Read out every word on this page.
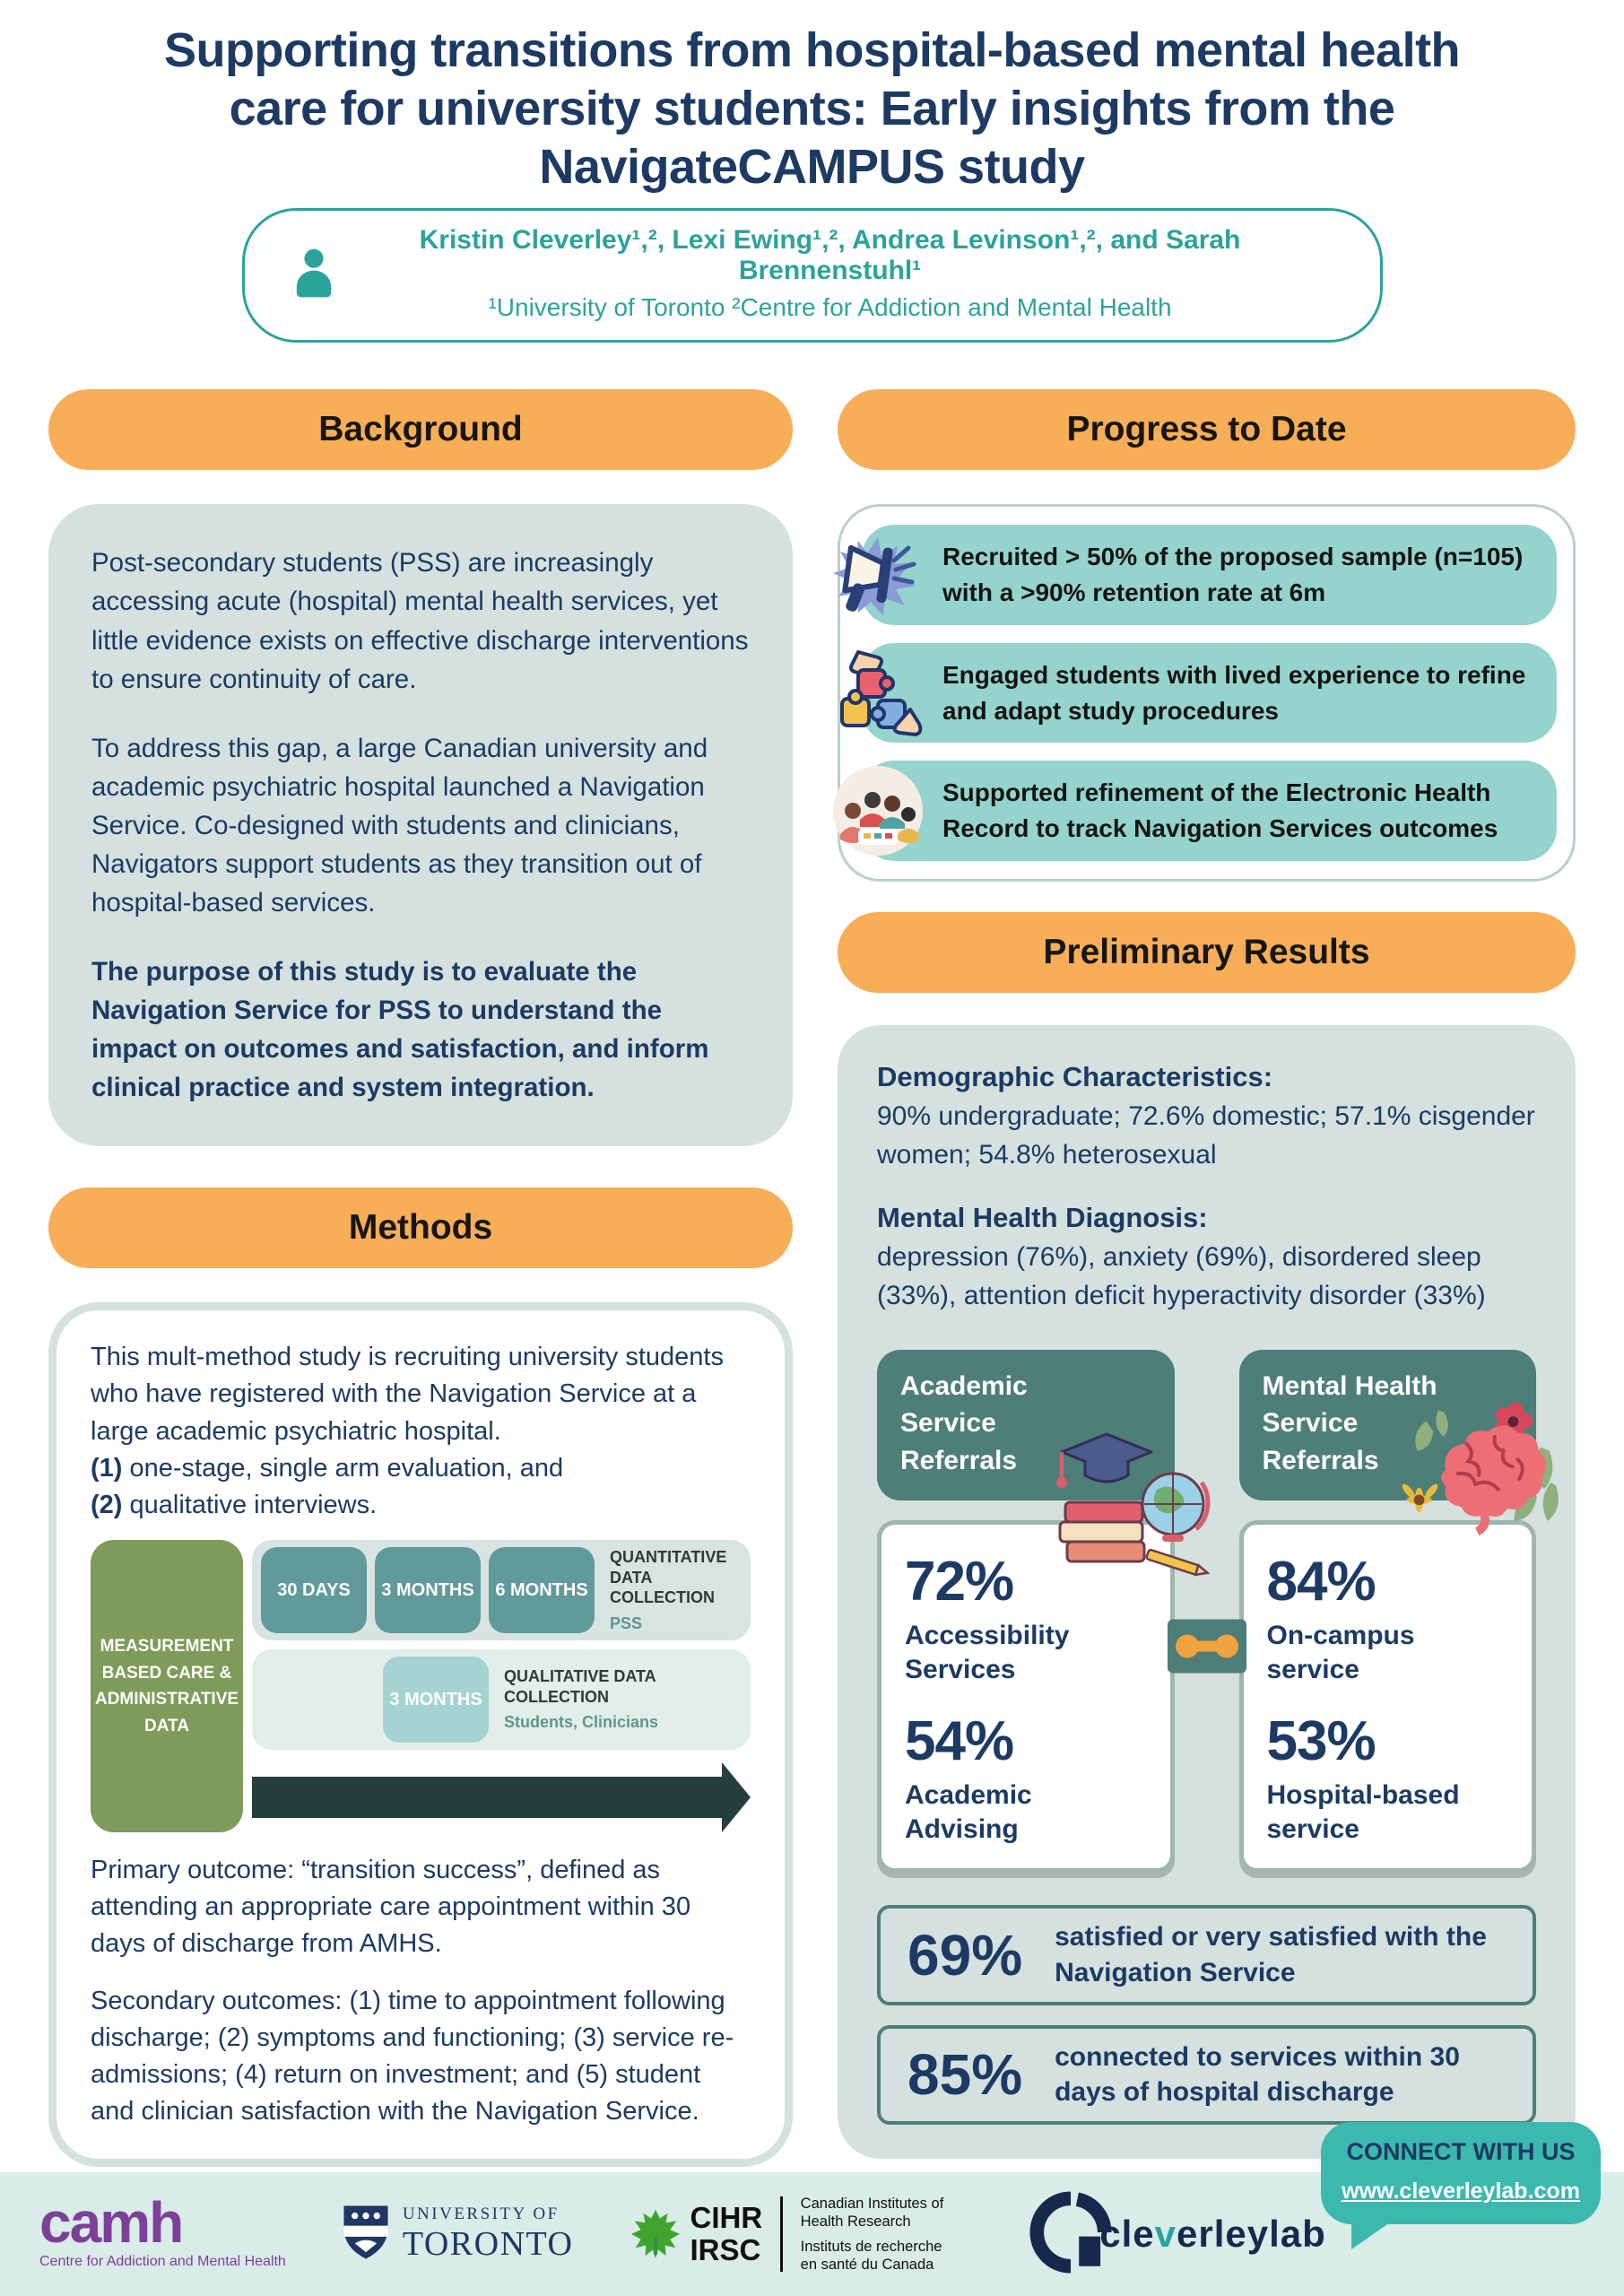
Supporting transitions from hospital-based mental health
care for university students: Early insights from the
NavigateCAMPUS study
Kristin Cleverley¹,², Lexi Ewing¹,², Andrea Levinson¹,², and Sarah Brennenstuhl¹
¹University of Toronto ²Centre for Addiction and Mental Health
Background
Post-secondary students (PSS) are increasingly accessing acute (hospital) mental health services, yet little evidence exists on effective discharge interventions to ensure continuity of care.
To address this gap, a large Canadian university and academic psychiatric hospital launched a Navigation Service. Co-designed with students and clinicians, Navigators support students as they transition out of hospital-based services.
The purpose of this study is to evaluate the Navigation Service for PSS to understand the impact on outcomes and satisfaction, and inform clinical practice and system integration.
Methods
This mult-method study is recruiting university students who have registered with the Navigation Service at a large academic psychiatric hospital.
(1) one-stage, single arm evaluation, and
(2) qualitative interviews.
MEASUREMENT BASED CARE & ADMINISTRATIVE DATA
30 DAYS	3 MONTHS	6 MONTHS
QUANTITATIVE DATA COLLECTION
PSS
3 MONTHS
QUALITATIVE DATA COLLECTION
Students, Clinicians
Primary outcome: “transition success”, defined as attending an appropriate care appointment within 30 days of discharge from AMHS.
Secondary outcomes: (1) time to appointment following discharge; (2) symptoms and functioning; (3) service re-admissions; (4) return on investment; and (5) student and clinician satisfaction with the Navigation Service.
Progress to Date
Recruited > 50% of the proposed sample (n=105) with a >90% retention rate at 6m
Engaged students with lived experience to refine and adapt study procedures
Supported refinement of the Electronic Health Record to track Navigation Services outcomes
Preliminary Results
Demographic Characteristics:
90% undergraduate; 72.6% domestic; 57.1% cisgender women; 54.8% heterosexual
Mental Health Diagnosis:
depression (76%), anxiety (69%), disordered sleep (33%), attention deficit hyperactivity disorder (33%)
Academic
Service
Referrals
72%
Accessibility Services
54%
Academic Advising
Mental Health
Service
Referrals
84%
On-campus service
53%
Hospital-based service
69% satisfied or very satisfied with the Navigation Service
85% connected to services within 30 days of hospital discharge
camh
Centre for Addiction and Mental Health
UNIVERSITY OF
TORONTO
CIHR
IRSC
Canadian Institutes of
Health Research
Instituts de recherche
en santé du Canada
cleverleylab
CONNECT WITH US
www.cleverleylab.com
